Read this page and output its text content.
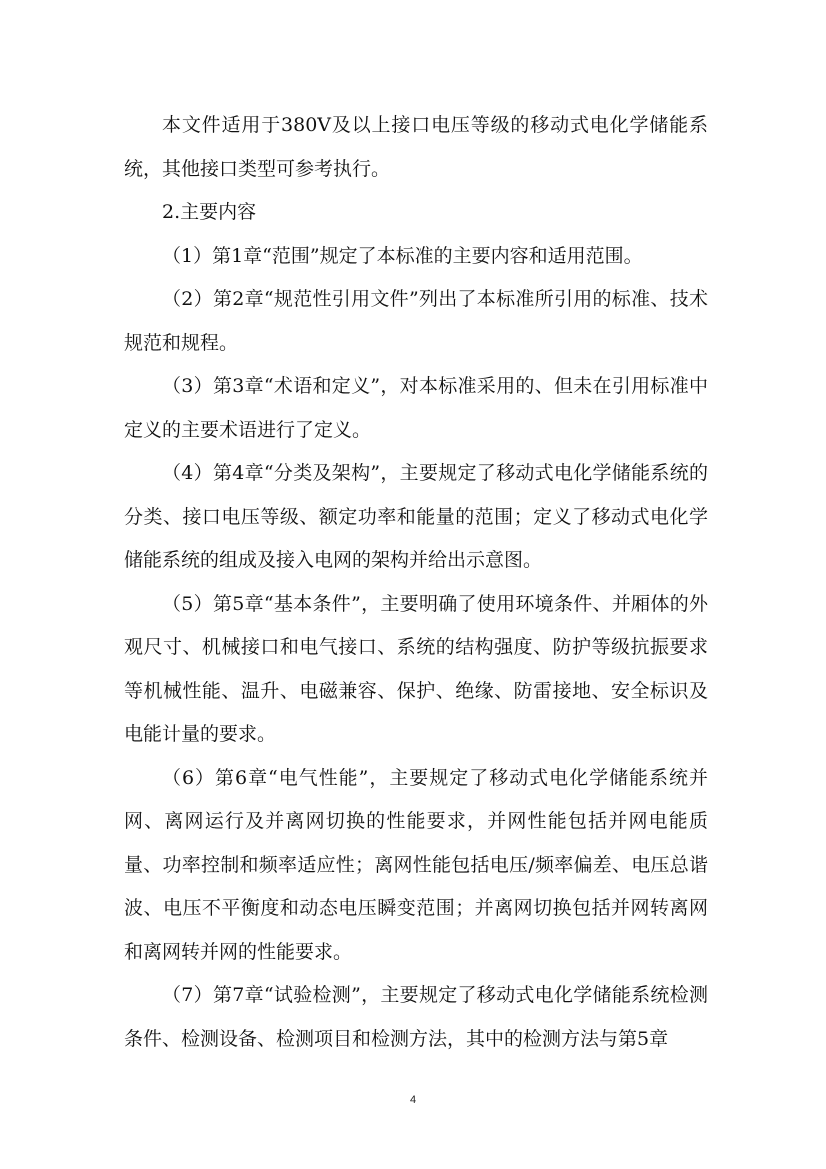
本文件适用于380V及以上接口电压等级的移动式电化学储能系统，其他接口类型可参考执行。

2.主要内容

（1）第1章“范围”规定了本标准的主要内容和适用范围。

（2）第2章“规范性引用文件”列出了本标准所引用的标准、技术规范和规程。

（3）第3章“术语和定义”，对本标准采用的、但未在引用标准中定义的主要术语进行了定义。

（4）第4章“分类及架构”，主要规定了移动式电化学储能系统的分类、接口电压等级、额定功率和能量的范围；定义了移动式电化学储能系统的组成及接入电网的架构并给出示意图。

（5）第5章“基本条件”，主要明确了使用环境条件、并厢体的外观尺寸、机械接口和电气接口、系统的结构强度、防护等级抗振要求等机械性能、温升、电磁兼容、保护、绝缘、防雷接地、安全标识及电能计量的要求。

（6）第6章“电气性能”，主要规定了移动式电化学储能系统并网、离网运行及并离网切换的性能要求，并网性能包括并网电能质量、功率控制和频率适应性；离网性能包括电压/频率偏差、电压总谐波、电压不平衡度和动态电压瞬变范围；并离网切换包括并网转离网和离网转并网的性能要求。

（7）第7章“试验检测”，主要规定了移动式电化学储能系统检测条件、检测设备、检测项目和检测方法，其中的检测方法与第5章

4
